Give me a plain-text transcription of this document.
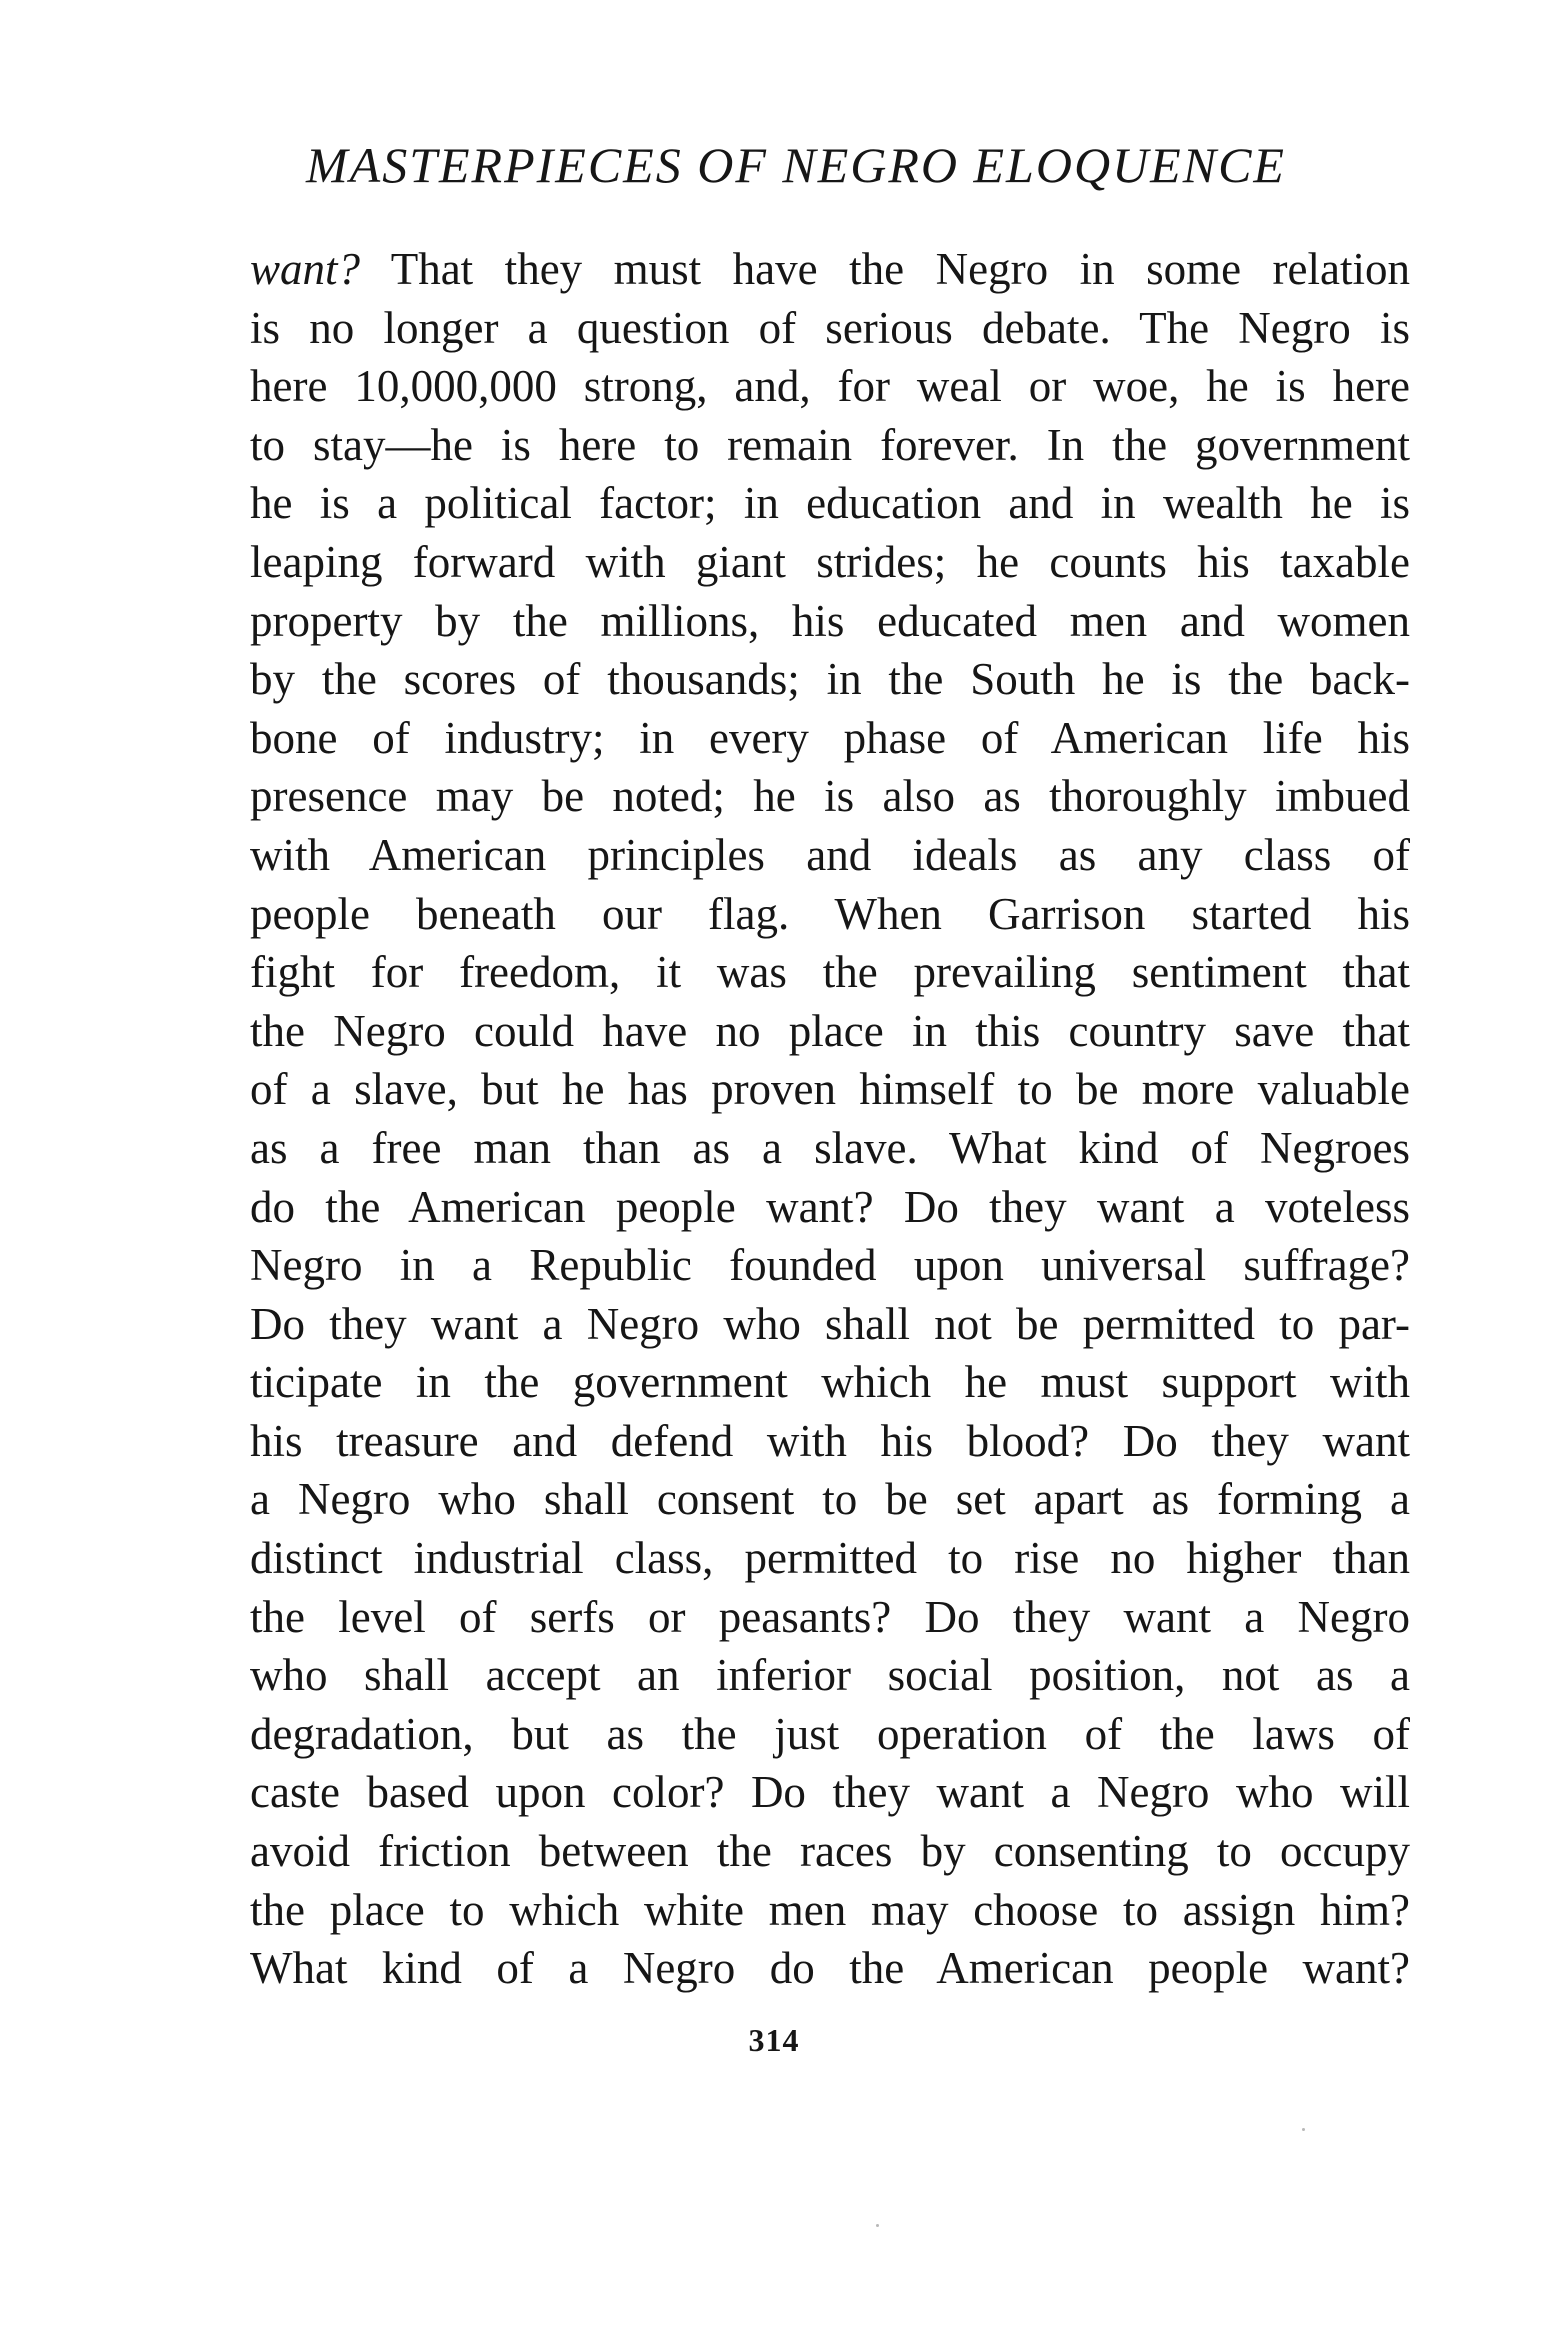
MASTERPIECES OF NEGRO ELOQUENCE
want? That they must have the Negro in some relation
is no longer a question of serious debate. The Negro is
here 10,000,000 strong, and, for weal or woe, he is here
to stay—he is here to remain forever. In the government
he is a political factor; in education and in wealth he is
leaping forward with giant strides; he counts his taxable
property by the millions, his educated men and women
by the scores of thousands; in the South he is the back-
bone of industry; in every phase of American life his
presence may be noted; he is also as thoroughly imbued
with American principles and ideals as any class of
people beneath our flag. When Garrison started his
fight for freedom, it was the prevailing sentiment that
the Negro could have no place in this country save that
of a slave, but he has proven himself to be more valuable
as a free man than as a slave. What kind of Negroes
do the American people want? Do they want a voteless
Negro in a Republic founded upon universal suffrage?
Do they want a Negro who shall not be permitted to par-
ticipate in the government which he must support with
his treasure and defend with his blood? Do they want
a Negro who shall consent to be set apart as forming a
distinct industrial class, permitted to rise no higher than
the level of serfs or peasants? Do they want a Negro
who shall accept an inferior social position, not as a
degradation, but as the just operation of the laws of
caste based upon color? Do they want a Negro who will
avoid friction between the races by consenting to occupy
the place to which white men may choose to assign him?
What kind of a Negro do the American people want?
314
